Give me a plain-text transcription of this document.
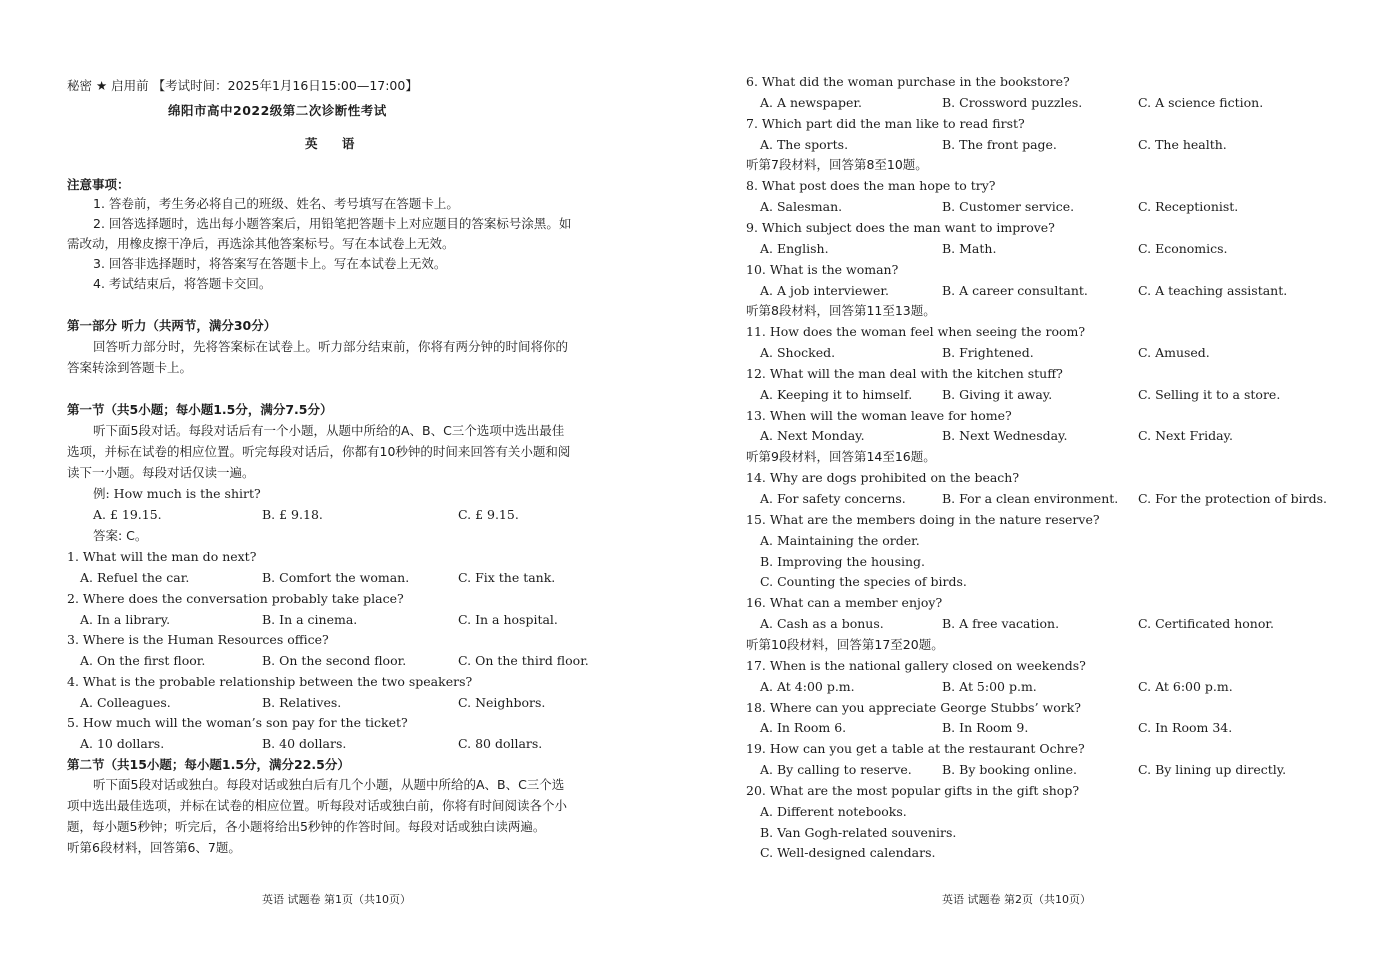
秘密 ★ 启用前 【考试时间：2025年1月16日15:00—17:00】
绵阳市高中2022级第二次诊断性考试
英 语
注意事项：
1. 答卷前，考生务必将自己的班级、姓名、考号填写在答题卡上。
2. 回答选择题时，选出每小题答案后，用铅笔把答题卡上对应题目的答案标号涂黑。如
需改动，用橡皮擦干净后，再选涂其他答案标号。写在本试卷上无效。
3. 回答非选择题时，将答案写在答题卡上。写在本试卷上无效。
4. 考试结束后，将答题卡交回。
第一部分 听力（共两节，满分30分）
回答听力部分时，先将答案标在试卷上。听力部分结束前，你将有两分钟的时间将你的
答案转涂到答题卡上。
第一节（共5小题；每小题1.5分，满分7.5分）
听下面5段对话。每段对话后有一个小题，从题中所给的A、B、C三个选项中选出最佳
选项，并标在试卷的相应位置。听完每段对话后，你都有10秒钟的时间来回答有关小题和阅
读下一小题。每段对话仅读一遍。
例: How much is the shirt?
A. £ 19.15.	B. £ 9.18.	C. £ 9.15.
答案: C。
1. What will the man do next?
A. Refuel the car.	B. Comfort the woman.	C. Fix the tank.
2. Where does the conversation probably take place?
A. In a library.	B. In a cinema.	C. In a hospital.
3. Where is the Human Resources office?
A. On the first floor.	B. On the second floor.	C. On the third floor.
4. What is the probable relationship between the two speakers?
A. Colleagues.	B. Relatives.	C. Neighbors.
5. How much will the woman’s son pay for the ticket?
A. 10 dollars.	B. 40 dollars.	C. 80 dollars.
第二节（共15小题；每小题1.5分，满分22.5分）
听下面5段对话或独白。每段对话或独白后有几个小题，从题中所给的A、B、C三个选
项中选出最佳选项，并标在试卷的相应位置。听每段对话或独白前，你将有时间阅读各个小
题，每小题5秒钟；听完后，各小题将给出5秒钟的作答时间。每段对话或独白读两遍。
听第6段材料，回答第6、7题。
英语 试题卷 第1页（共10页）
6. What did the woman purchase in the bookstore?
A. A newspaper.	B. Crossword puzzles.	C. A science fiction.
7. Which part did the man like to read first?
A. The sports.	B. The front page.	C. The health.
听第7段材料，回答第8至10题。
8. What post does the man hope to try?
A. Salesman.	B. Customer service.	C. Receptionist.
9. Which subject does the man want to improve?
A. English.	B. Math.	C. Economics.
10. What is the woman?
A. A job interviewer.	B. A career consultant.	C. A teaching assistant.
听第8段材料，回答第11至13题。
11. How does the woman feel when seeing the room?
A. Shocked.	B. Frightened.	C. Amused.
12. What will the man deal with the kitchen stuff?
A. Keeping it to himself. B. Giving it away.	C. Selling it to a store.
13. When will the woman leave for home?
A. Next Monday.	B. Next Wednesday.	C. Next Friday.
听第9段材料，回答第14至16题。
14. Why are dogs prohibited on the beach?
A. For safety concerns.	B. For a clean environment. C. For the protection of birds.
15. What are the members doing in the nature reserve?
A. Maintaining the order.
B. Improving the housing.
C. Counting the species of birds.
16. What can a member enjoy?
A. Cash as a bonus.	B. A free vacation.	C. Certificated honor.
听第10段材料，回答第17至20题。
17. When is the national gallery closed on weekends?
A. At 4:00 p.m.	B. At 5:00 p.m.	C. At 6:00 p.m.
18. Where can you appreciate George Stubbs’ work?
A. In Room 6.	B. In Room 9.	C. In Room 34.
19. How can you get a table at the restaurant Ochre?
A. By calling to reserve. B. By booking online.	C. By lining up directly.
20. What are the most popular gifts in the gift shop?
A. Different notebooks.
B. Van Gogh-related souvenirs.
C. Well-designed calendars.
英语 试题卷 第2页（共10页）
